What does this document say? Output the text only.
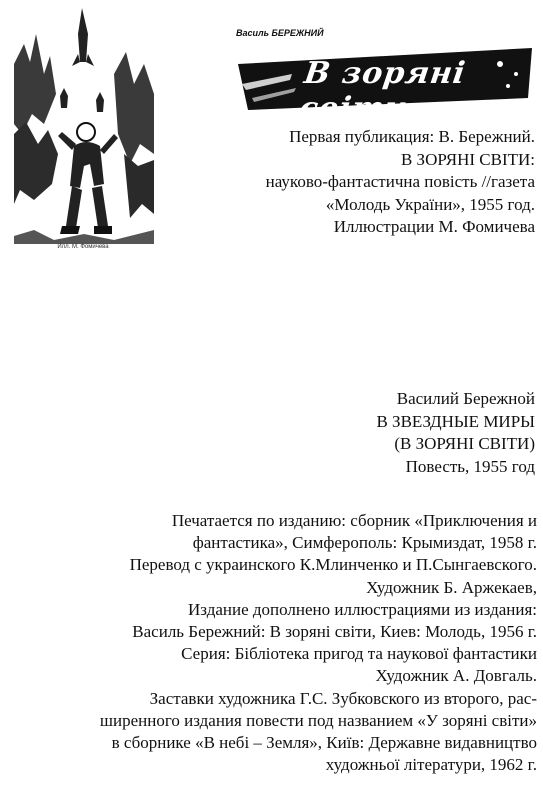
Илл. М. Фомичева
Василь БЕРЕЖНИЙ
В зоряні світи
Первая публикация: В. Бережний.
В ЗОРЯНІ СВІТИ:
науково-фантастична повість //газета
«Молодь України», 1955 год.
Иллюстрации М. Фомичева
Василий Бережной
В ЗВЕЗДНЫЕ МИРЫ
(В ЗОРЯНІ СВІТИ)
Повесть, 1955 год
Печатается по изданию: сборник «Приключения и
фантастика», Симферополь: Крымиздат, 1958 г.
Перевод с украинского К.Млинченко и П.Сынгаевского.
Художник Б. Аржекаев,
Издание дополнено иллюстрациями из издания:
Василь Бережний: В зоряні світи, Киев: Молодь, 1956 г.
Серия: Бібліотека пригод та наукової фантастики
Художник А. Довгаль.
Заставки художника Г.С. Зубковского из второго, рас-
ширенного издания повести под названием «У зоряні світи»
в сборнике «В небі – Земля», Київ: Державне видавництво
художньої літератури, 1962 г.
